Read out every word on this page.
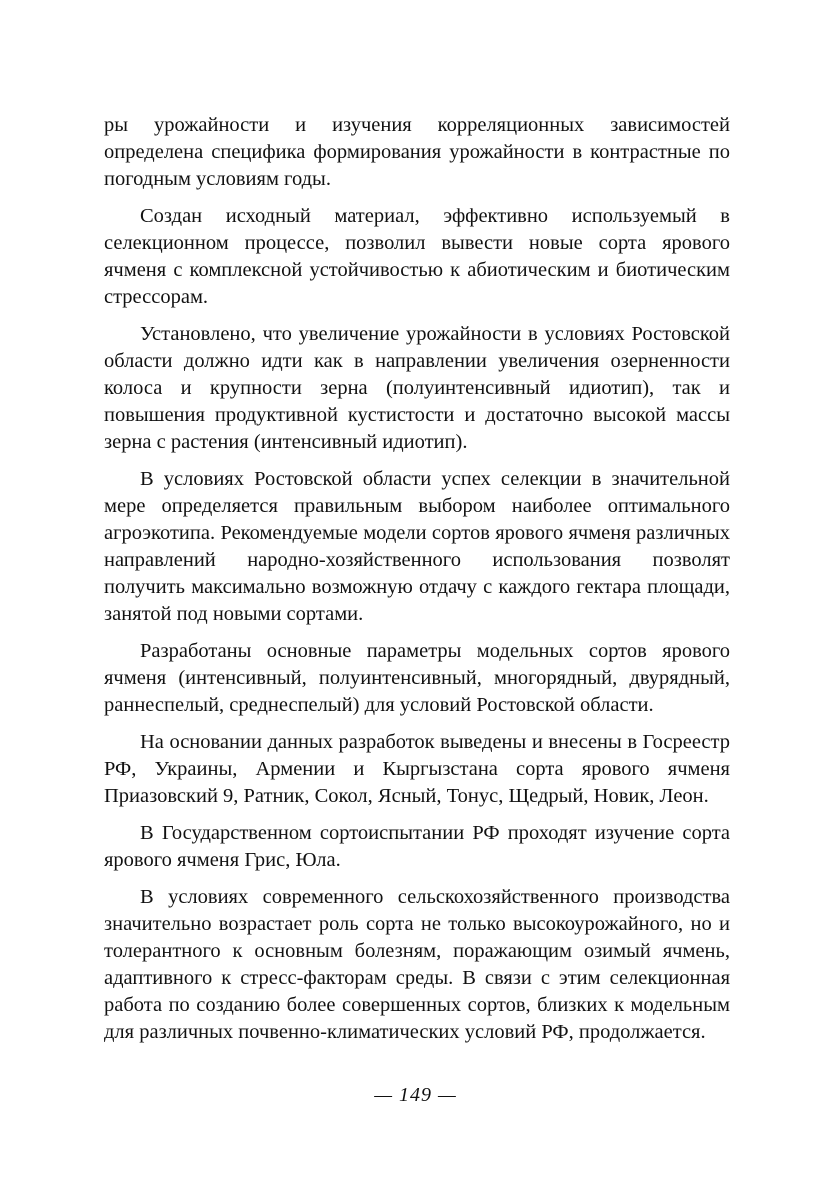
ры урожайности и изучения корреляционных зависимостей определена специфика формирования урожайности в контрастные по погодным условиям годы.

Создан исходный материал, эффективно используемый в селекционном процессе, позволил вывести новые сорта ярового ячменя с комплексной устойчивостью к абиотическим и биотическим стрессорам.

Установлено, что увеличение урожайности в условиях Ростовской области должно идти как в направлении увеличения озерненности колоса и крупности зерна (полуинтенсивный идиотип), так и повышения продуктивной кустистости и достаточно высокой массы зерна с растения (интенсивный идиотип).

В условиях Ростовской области успех селекции в значительной мере определяется правильным выбором наиболее оптимального агроэкотипа. Рекомендуемые модели сортов ярового ячменя различных направлений народно-хозяйственного использования позволят получить максимально возможную отдачу с каждого гектара площади, занятой под новыми сортами.

Разработаны основные параметры модельных сортов ярового ячменя (интенсивный, полуинтенсивный, многорядный, двурядный, раннеспелый, среднеспелый) для условий Ростовской области.

На основании данных разработок выведены и внесены в Госреестр РФ, Украины, Армении и Кыргызстана сорта ярового ячменя Приазовский 9, Ратник, Сокол, Ясный, Тонус, Щедрый, Новик, Леон.

В Государственном сортоиспытании РФ проходят изучение сорта ярового ячменя Грис, Юла.

В условиях современного сельскохозяйственного производства значительно возрастает роль сорта не только высокоурожайного, но и толерантного к основным болезням, поражающим озимый ячмень, адаптивного к стресс-факторам среды. В связи с этим селекционная работа по созданию более совершенных сортов, близких к модельным для различных почвенно-климатических условий РФ, продолжается.

— 149 —
